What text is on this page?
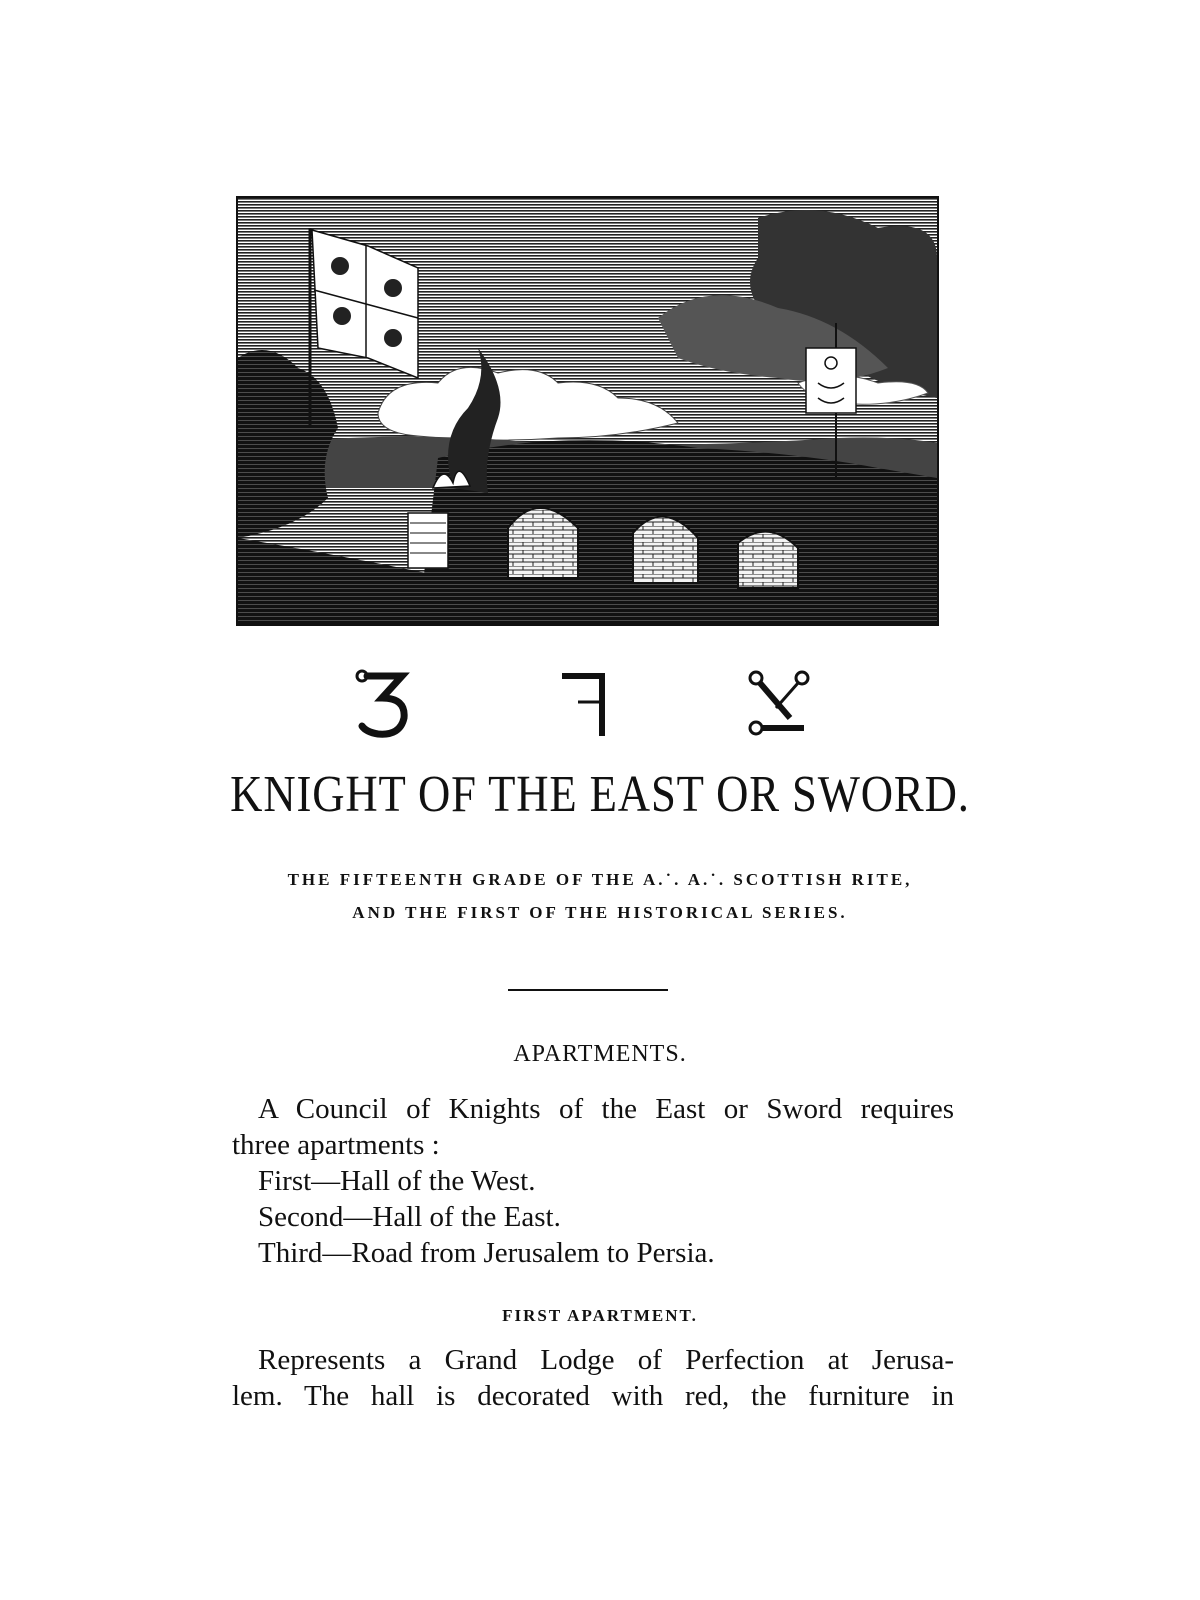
KNIGHT OF THE EAST OR SWORD.
THE FIFTEENTH GRADE OF THE A.˙. A.˙. SCOTTISH RITE,
AND THE FIRST OF THE HISTORICAL SERIES.
APARTMENTS.
A Council of Knights of the East or Sword requires
three apartments :
First—Hall of the West.
Second—Hall of the East.
Third—Road from Jerusalem to Persia.
FIRST APARTMENT.
Represents a Grand Lodge of Perfection at Jerusa-
lem. The hall is decorated with red, the furniture in
